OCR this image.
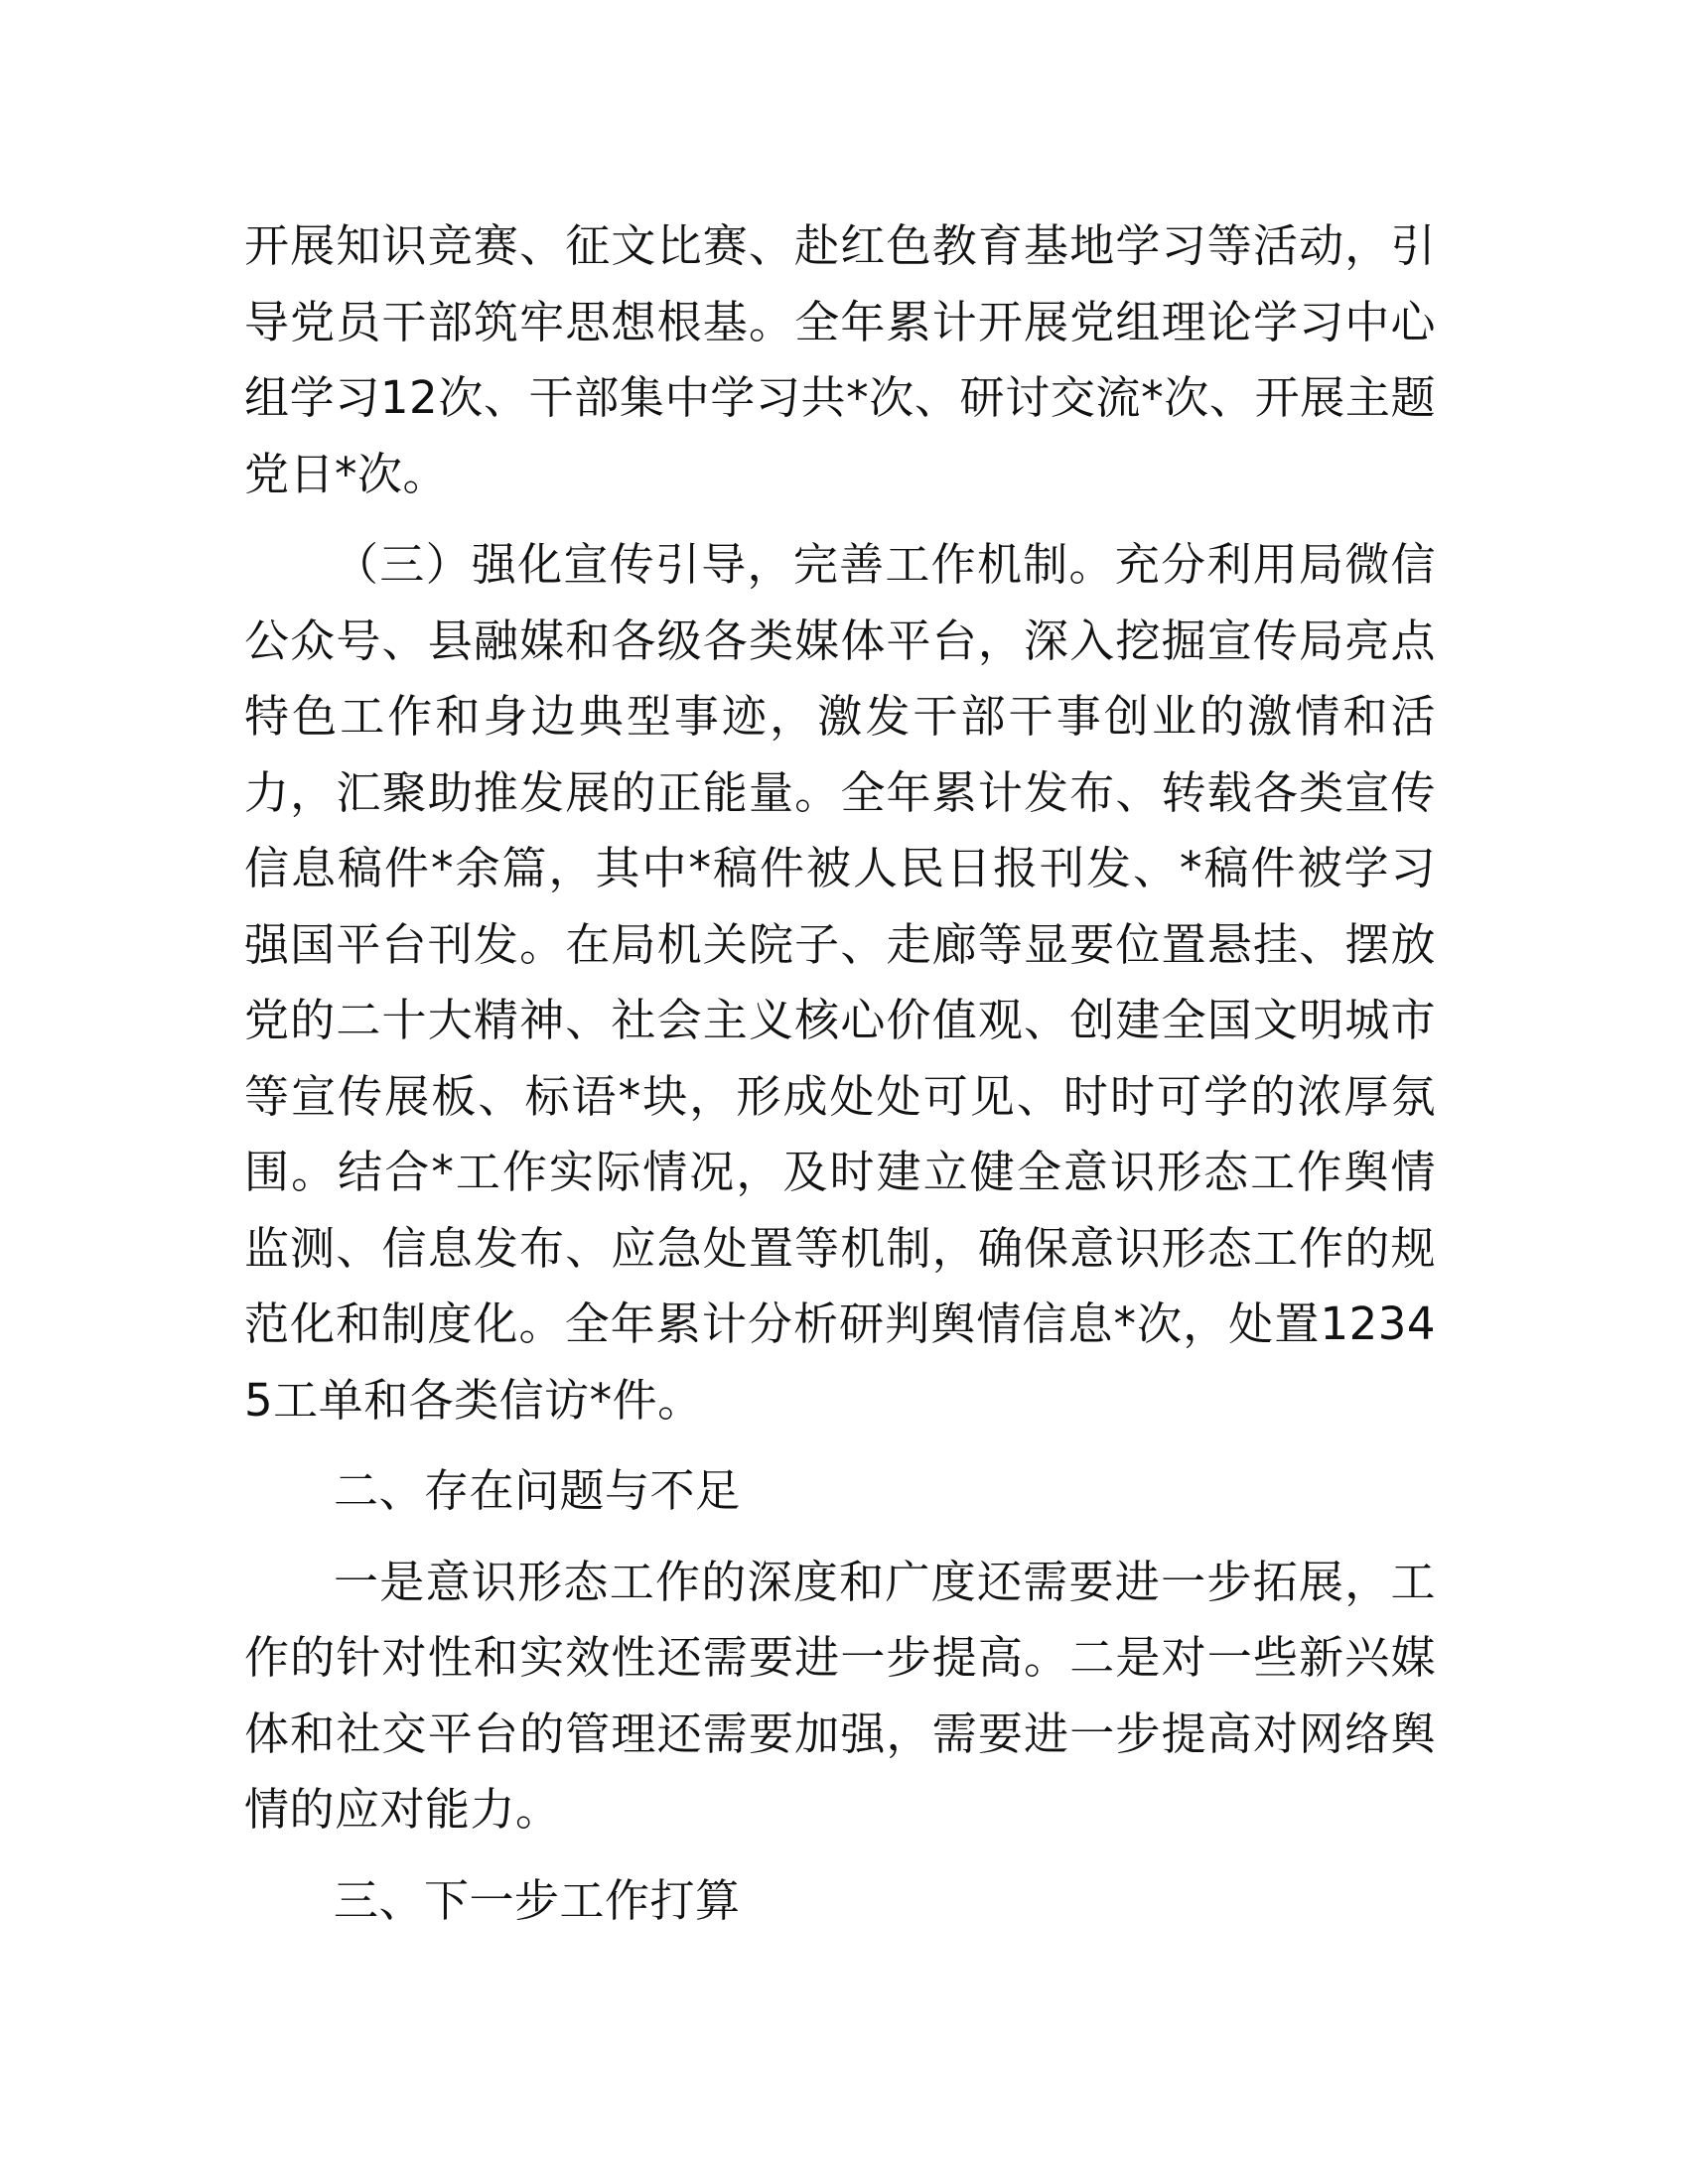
开展知识竞赛、征文比赛、赴红色教育基地学习等活动，引导党员干部筑牢思想根基。全年累计开展党组理论学习中心组学习12次、干部集中学习共*次、研讨交流*次、开展主题党日*次。

（三）强化宣传引导，完善工作机制。充分利用局微信公众号、县融媒和各级各类媒体平台，深入挖掘宣传局亮点特色工作和身边典型事迹，激发干部干事创业的激情和活力，汇聚助推发展的正能量。全年累计发布、转载各类宣传信息稿件*余篇，其中*稿件被人民日报刊发、*稿件被学习强国平台刊发。在局机关院子、走廊等显要位置悬挂、摆放党的二十大精神、社会主义核心价值观、创建全国文明城市等宣传展板、标语*块，形成处处可见、时时可学的浓厚氛围。结合*工作实际情况，及时建立健全意识形态工作舆情监测、信息发布、应急处置等机制，确保意识形态工作的规范化和制度化。全年累计分析研判舆情信息*次，处置12345工单和各类信访*件。

二、存在问题与不足

一是意识形态工作的深度和广度还需要进一步拓展，工作的针对性和实效性还需要进一步提高。二是对一些新兴媒体和社交平台的管理还需要加强，需要进一步提高对网络舆情的应对能力。

三、下一步工作打算
